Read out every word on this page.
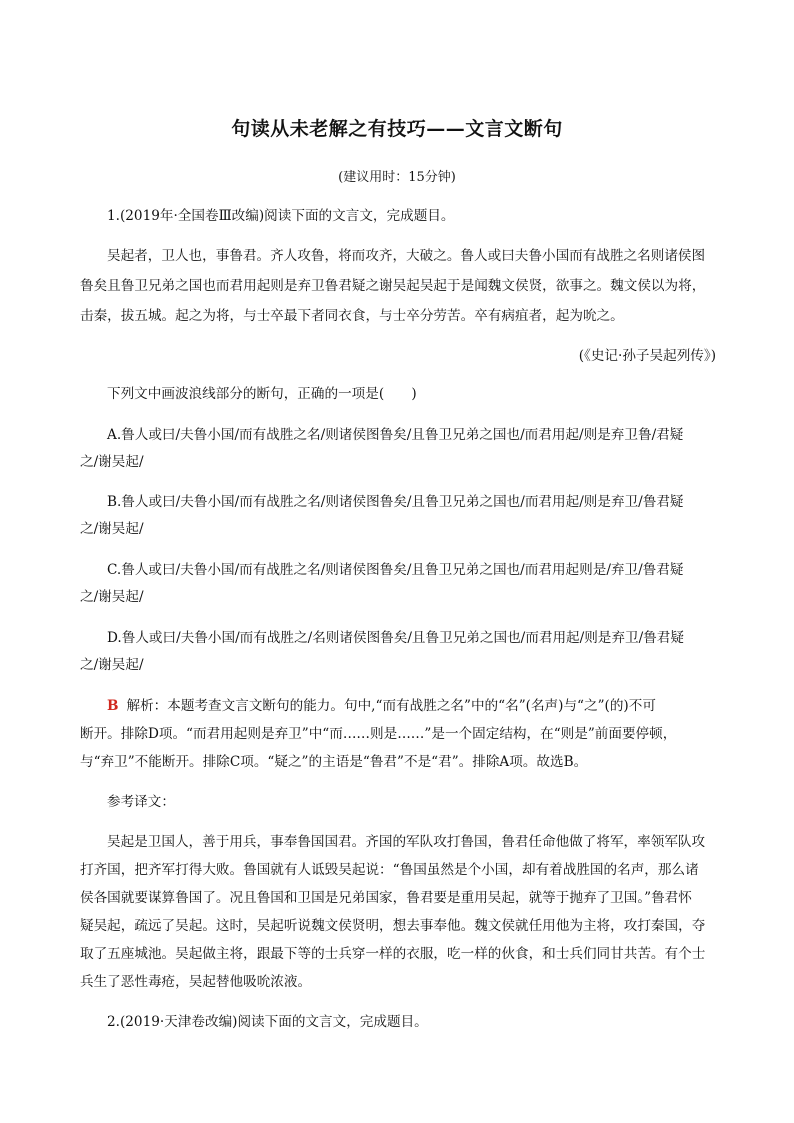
句读从未老解之有技巧——文言文断句
(建议用时：15分钟)
1.(2019年·全国卷Ⅲ改编)阅读下面的文言文，完成题目。
吴起者，卫人也，事鲁君。齐人攻鲁，将而攻齐，大破之。鲁人或曰夫鲁小国而有战胜之名则诸侯图
鲁矣且鲁卫兄弟之国也而君用起则是弃卫鲁君疑之谢吴起吴起于是闻魏文侯贤，欲事之。魏文侯以为将，
击秦，拔五城。起之为将，与士卒最下者同衣食，与士卒分劳苦。卒有病疽者，起为吮之。
(《史记·孙子吴起列传》)
下列文中画波浪线部分的断句，正确的一项是(　　)
A.鲁人或曰/夫鲁小国/而有战胜之名/则诸侯图鲁矣/且鲁卫兄弟之国也/而君用起/则是弃卫鲁/君疑
之/谢吴起/
B.鲁人或曰/夫鲁小国/而有战胜之名/则诸侯图鲁矣/且鲁卫兄弟之国也/而君用起/则是弃卫/鲁君疑
之/谢吴起/
C.鲁人或曰/夫鲁小国/而有战胜之名/则诸侯图鲁矣/且鲁卫兄弟之国也/而君用起则是/弃卫/鲁君疑
之/谢吴起/
D.鲁人或曰/夫鲁小国/而有战胜之/名则诸侯图鲁矣/且鲁卫兄弟之国也/而君用起/则是弃卫/鲁君疑
之/谢吴起/
B 解析：本题考查文言文断句的能力。句中,“而有战胜之名”中的“名”(名声)与“之”(的)不可
断开。排除D项。“而君用起则是弃卫”中“而……则是……”是一个固定结构，在“则是”前面要停顿，
与“弃卫”不能断开。排除C项。“疑之”的主语是“鲁君”不是“君”。排除A项。故选B。
参考译文：
吴起是卫国人，善于用兵，事奉鲁国国君。齐国的军队攻打鲁国，鲁君任命他做了将军，率领军队攻
打齐国，把齐军打得大败。鲁国就有人诋毁吴起说：“鲁国虽然是个小国，却有着战胜国的名声，那么诸
侯各国就要谋算鲁国了。况且鲁国和卫国是兄弟国家，鲁君要是重用吴起，就等于抛弃了卫国。”鲁君怀
疑吴起，疏远了吴起。这时，吴起听说魏文侯贤明，想去事奉他。魏文侯就任用他为主将，攻打秦国，夺
取了五座城池。吴起做主将，跟最下等的士兵穿一样的衣服，吃一样的伙食，和士兵们同甘共苦。有个士
兵生了恶性毒疮，吴起替他吸吮浓液。
2.(2019·天津卷改编)阅读下面的文言文，完成题目。
